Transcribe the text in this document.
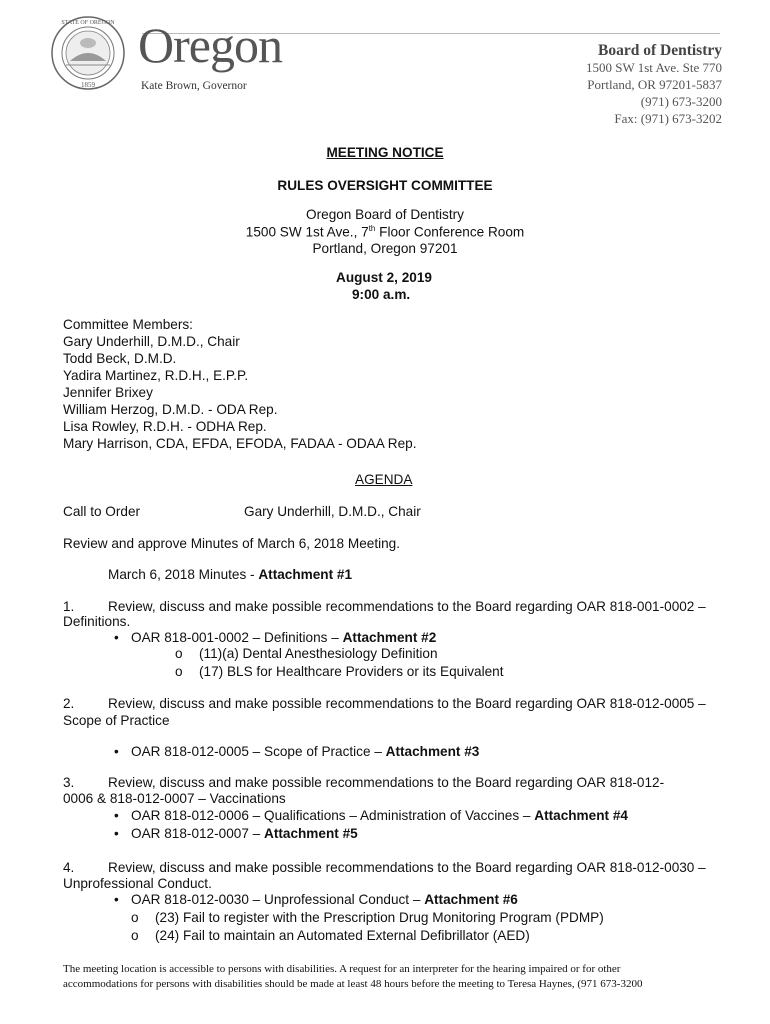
STATE OF OREGON
1859
Oregon
Kate Brown, Governor
Board of Dentistry
1500 SW 1st Ave. Ste 770
Portland, OR 97201-5837
(971) 673-3200
Fax: (971) 673-3202
MEETING NOTICE
RULES OVERSIGHT COMMITTEE
Oregon Board of Dentistry
1500 SW 1st Ave., 7th Floor Conference Room
Portland, Oregon 97201
August 2, 2019
9:00 a.m.
Committee Members:
Gary Underhill, D.M.D., Chair
Todd Beck, D.M.D.
Yadira Martinez, R.D.H., E.P.P.
Jennifer Brixey
William Herzog, D.M.D. - ODA Rep.
Lisa Rowley, R.D.H. - ODHA Rep.
Mary Harrison, CDA, EFDA, EFODA, FADAA - ODAA Rep.
AGENDA
Call to Order	Gary Underhill, D.M.D., Chair
Review and approve Minutes of March 6, 2018 Meeting.
March 6, 2018 Minutes - Attachment #1
1. Review, discuss and make possible recommendations to the Board regarding OAR 818-001-0002 –
Definitions.
• OAR 818-001-0002 – Definitions – Attachment #2
o (11)(a) Dental Anesthesiology Definition
o (17) BLS for Healthcare Providers or its Equivalent
2. Review, discuss and make possible recommendations to the Board regarding OAR 818-012-0005 –
Scope of Practice
• OAR 818-012-0005 – Scope of Practice – Attachment #3
3. Review, discuss and make possible recommendations to the Board regarding OAR 818-012-
0006 & 818-012-0007 – Vaccinations
• OAR 818-012-0006 – Qualifications – Administration of Vaccines – Attachment #4
• OAR 818-012-0007 – Attachment #5
4. Review, discuss and make possible recommendations to the Board regarding OAR 818-012-0030 –
Unprofessional Conduct.
• OAR 818-012-0030 – Unprofessional Conduct – Attachment #6
o (23) Fail to register with the Prescription Drug Monitoring Program (PDMP)
o (24) Fail to maintain an Automated External Defibrillator (AED)
The meeting location is accessible to persons with disabilities. A request for an interpreter for the hearing impaired or for other
accommodations for persons with disabilities should be made at least 48 hours before the meeting to Teresa Haynes, (971 673-3200
